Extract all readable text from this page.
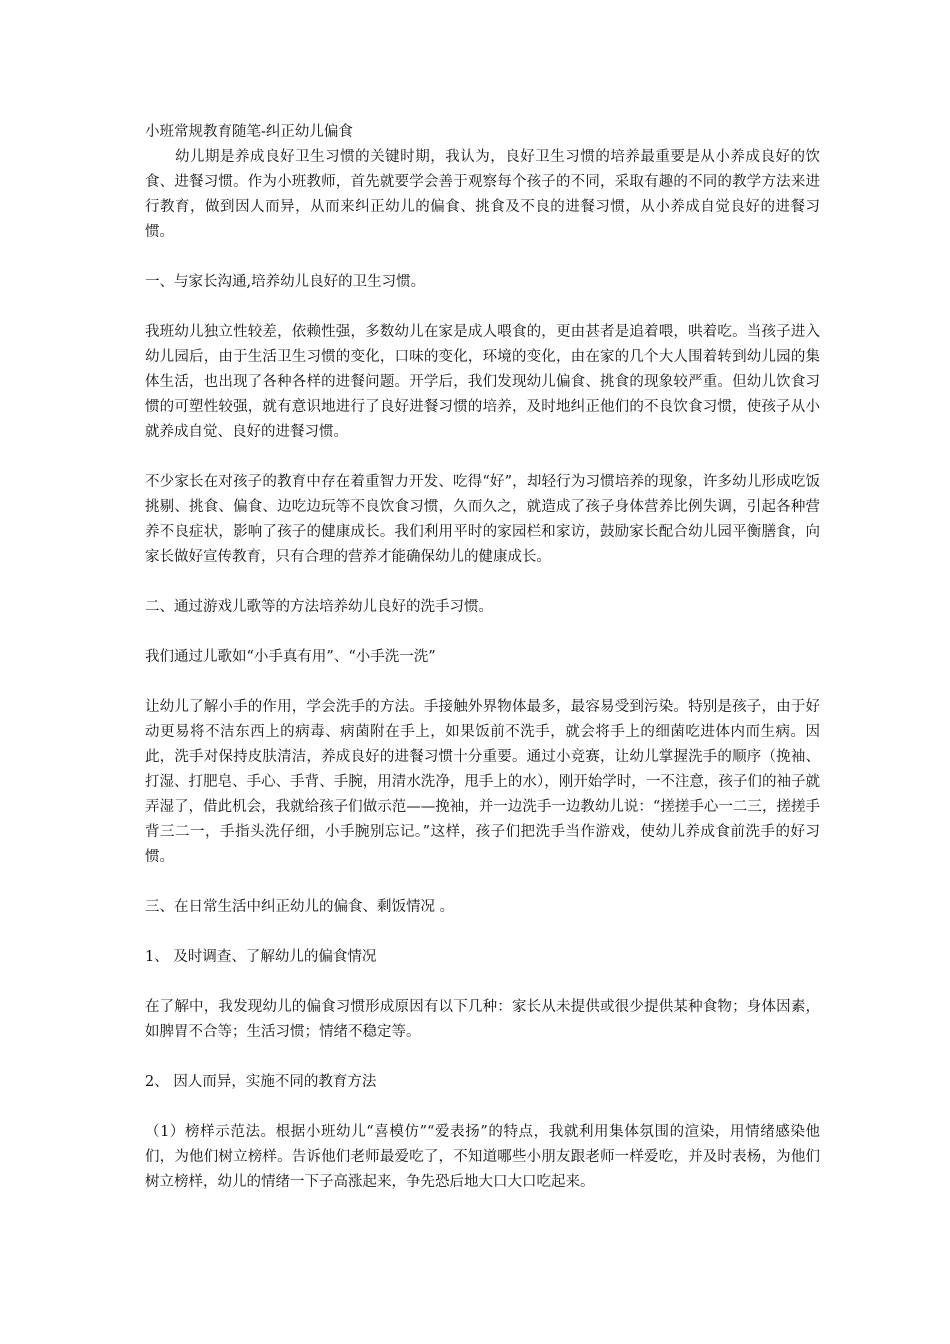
小班常规教育随笔-纠正幼儿偏食

幼儿期是养成良好卫生习惯的关键时期，我认为，良好卫生习惯的培养最重要是从小养成良好的饮食、进餐习惯。作为小班教师，首先就要学会善于观察每个孩子的不同，采取有趣的不同的教学方法来进行教育，做到因人而异，从而来纠正幼儿的偏食、挑食及不良的进餐习惯，从小养成自觉良好的进餐习惯。

一、与家长沟通,培养幼儿良好的卫生习惯。

我班幼儿独立性较差，依赖性强，多数幼儿在家是成人喂食的，更由甚者是追着喂，哄着吃。当孩子进入幼儿园后，由于生活卫生习惯的变化，口味的变化，环境的变化，由在家的几个大人围着转到幼儿园的集体生活，也出现了各种各样的进餐问题。开学后，我们发现幼儿偏食、挑食的现象较严重。但幼儿饮食习惯的可塑性较强，就有意识地进行了良好进餐习惯的培养，及时地纠正他们的不良饮食习惯，使孩子从小就养成自觉、良好的进餐习惯。

不少家长在对孩子的教育中存在着重智力开发、吃得“好”，却轻行为习惯培养的现象，许多幼儿形成吃饭挑剔、挑食、偏食、边吃边玩等不良饮食习惯，久而久之，就造成了孩子身体营养比例失调，引起各种营养不良症状，影响了孩子的健康成长。我们利用平时的家园栏和家访，鼓励家长配合幼儿园平衡膳食，向家长做好宣传教育，只有合理的营养才能确保幼儿的健康成长。

二、通过游戏儿歌等的方法培养幼儿良好的洗手习惯。

我们通过儿歌如“小手真有用”、“小手洗一洗”

让幼儿了解小手的作用，学会洗手的方法。手接触外界物体最多，最容易受到污染。特别是孩子，由于好动更易将不洁东西上的病毒、病菌附在手上，如果饭前不洗手，就会将手上的细菌吃进体内而生病。因此，洗手对保持皮肤清洁，养成良好的进餐习惯十分重要。通过小竞赛，让幼儿掌握洗手的顺序（挽袖、打湿、打肥皂、手心、手背、手腕，用清水洗净，甩手上的水），刚开始学时，一不注意，孩子们的袖子就弄湿了，借此机会，我就给孩子们做示范——挽袖，并一边洗手一边教幼儿说：“搓搓手心一二三，搓搓手背三二一，手指头洗仔细，小手腕别忘记。”这样，孩子们把洗手当作游戏，使幼儿养成食前洗手的好习惯。

三、在日常生活中纠正幼儿的偏食、剩饭情况 。

1、 及时调查、了解幼儿的偏食情况

在了解中，我发现幼儿的偏食习惯形成原因有以下几种：家长从未提供或很少提供某种食物；身体因素，如脾胃不合等；生活习惯；情绪不稳定等。

2、 因人而异，实施不同的教育方法

（1）榜样示范法。根据小班幼儿“喜模仿”“爱表扬”的特点，我就利用集体氛围的渲染，用情绪感染他们，为他们树立榜样。告诉他们老师最爱吃了，不知道哪些小朋友跟老师一样爱吃，并及时表杨，为他们树立榜样，幼儿的情绪一下子高涨起来，争先恐后地大口大口吃起来。
